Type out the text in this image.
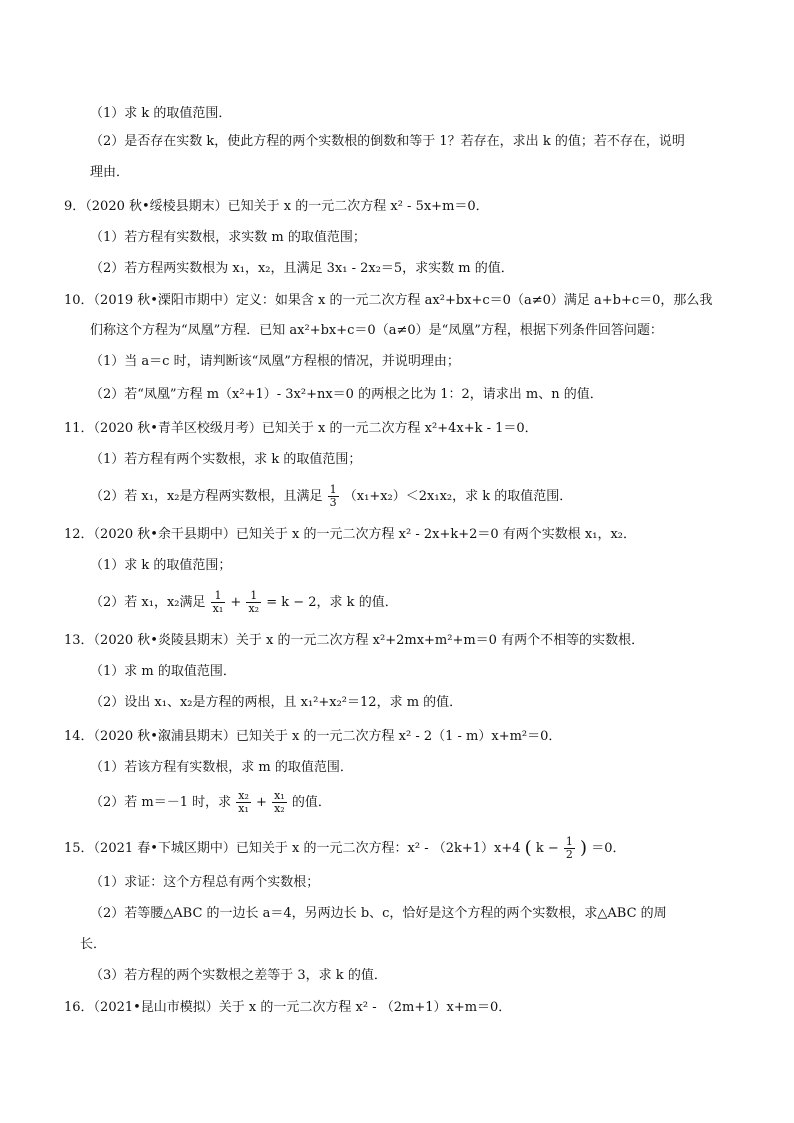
（1）求 k 的取值范围．
（2）是否存在实数 k，使此方程的两个实数根的倒数和等于 1？若存在，求出 k 的值；若不存在，说明
理由．
9．（2020 秋•绥棱县期末）已知关于 x 的一元二次方程 x² - 5x+m＝0．
（1）若方程有实数根，求实数 m 的取值范围；
（2）若方程两实数根为 x₁，x₂，且满足 3x₁ - 2x₂＝5，求实数 m 的值．
10．（2019 秋•溧阳市期中）定义：如果含 x 的一元二次方程 ax²+bx+c＝0（a≠0）满足 a+b+c＝0，那么我
们称这个方程为“凤凰”方程．已知 ax²+bx+c＝0（a≠0）是“凤凰”方程，根据下列条件回答问题：
（1）当 a＝c 时，请判断该“凤凰”方程根的情况，并说明理由；
（2）若“凤凰”方程 m（x²+1）- 3x²+nx＝0 的两根之比为 1：2，请求出 m、n 的值．
11．（2020 秋•青羊区校级月考）已知关于 x 的一元二次方程 x²+4x+k - 1＝0．
（1）若方程有两个实数根，求 k 的取值范围；
（2）若 x₁，x₂是方程两实数根，且满足 $\frac{1}{3} (x_1+x_2)<2x_1x_2$，求 k 的取值范围．
12．（2020 秋•余干县期中）已知关于 x 的一元二次方程 x² - 2x+k+2＝0 有两个实数根 x₁，x₂．
（1）求 k 的取值范围；
（2）若 x₁，x₂满足 $\frac{1}{\text{x₁}} + \frac{1}{\text{x₂}} = k - 2$，求 k 的值．
13．（2020 秋•炎陵县期末）关于 x 的一元二次方程 x²+2mx+m²+m＝0 有两个不相等的实数根．
（1）求 m 的取值范围．
（2）设出 x₁、x₂是方程的两根，且 x₁²+x₂²＝12，求 m 的值．
14．（2020 秋•溆浦县期末）已知关于 x 的一元二次方程 x² - 2（1 - m）x+m²＝0．
（1）若该方程有实数根，求 m 的取值范围．
（2）若 m＝－1 时，求 $\frac{\text{x₂}}{\text{x₁}} + \frac{\text{x₁}}{\text{x₂}}$ 的值．
15．（2021 春•下城区期中）已知关于 x 的一元二次方程：x² - （2k+1）x+4 ( $k - \frac{1}{2}$ ) ＝0．
（1）求证：这个方程总有两个实数根；
（2）若等腰△ABC 的一边长 a＝4，另两边长 b、c，恰好是这个方程的两个实数根，求△ABC 的周
长．
（3）若方程的两个实数根之差等于 3，求 k 的值．
16．（2021•昆山市模拟）关于 x 的一元二次方程 x² - （2m+1）x+m＝0．
